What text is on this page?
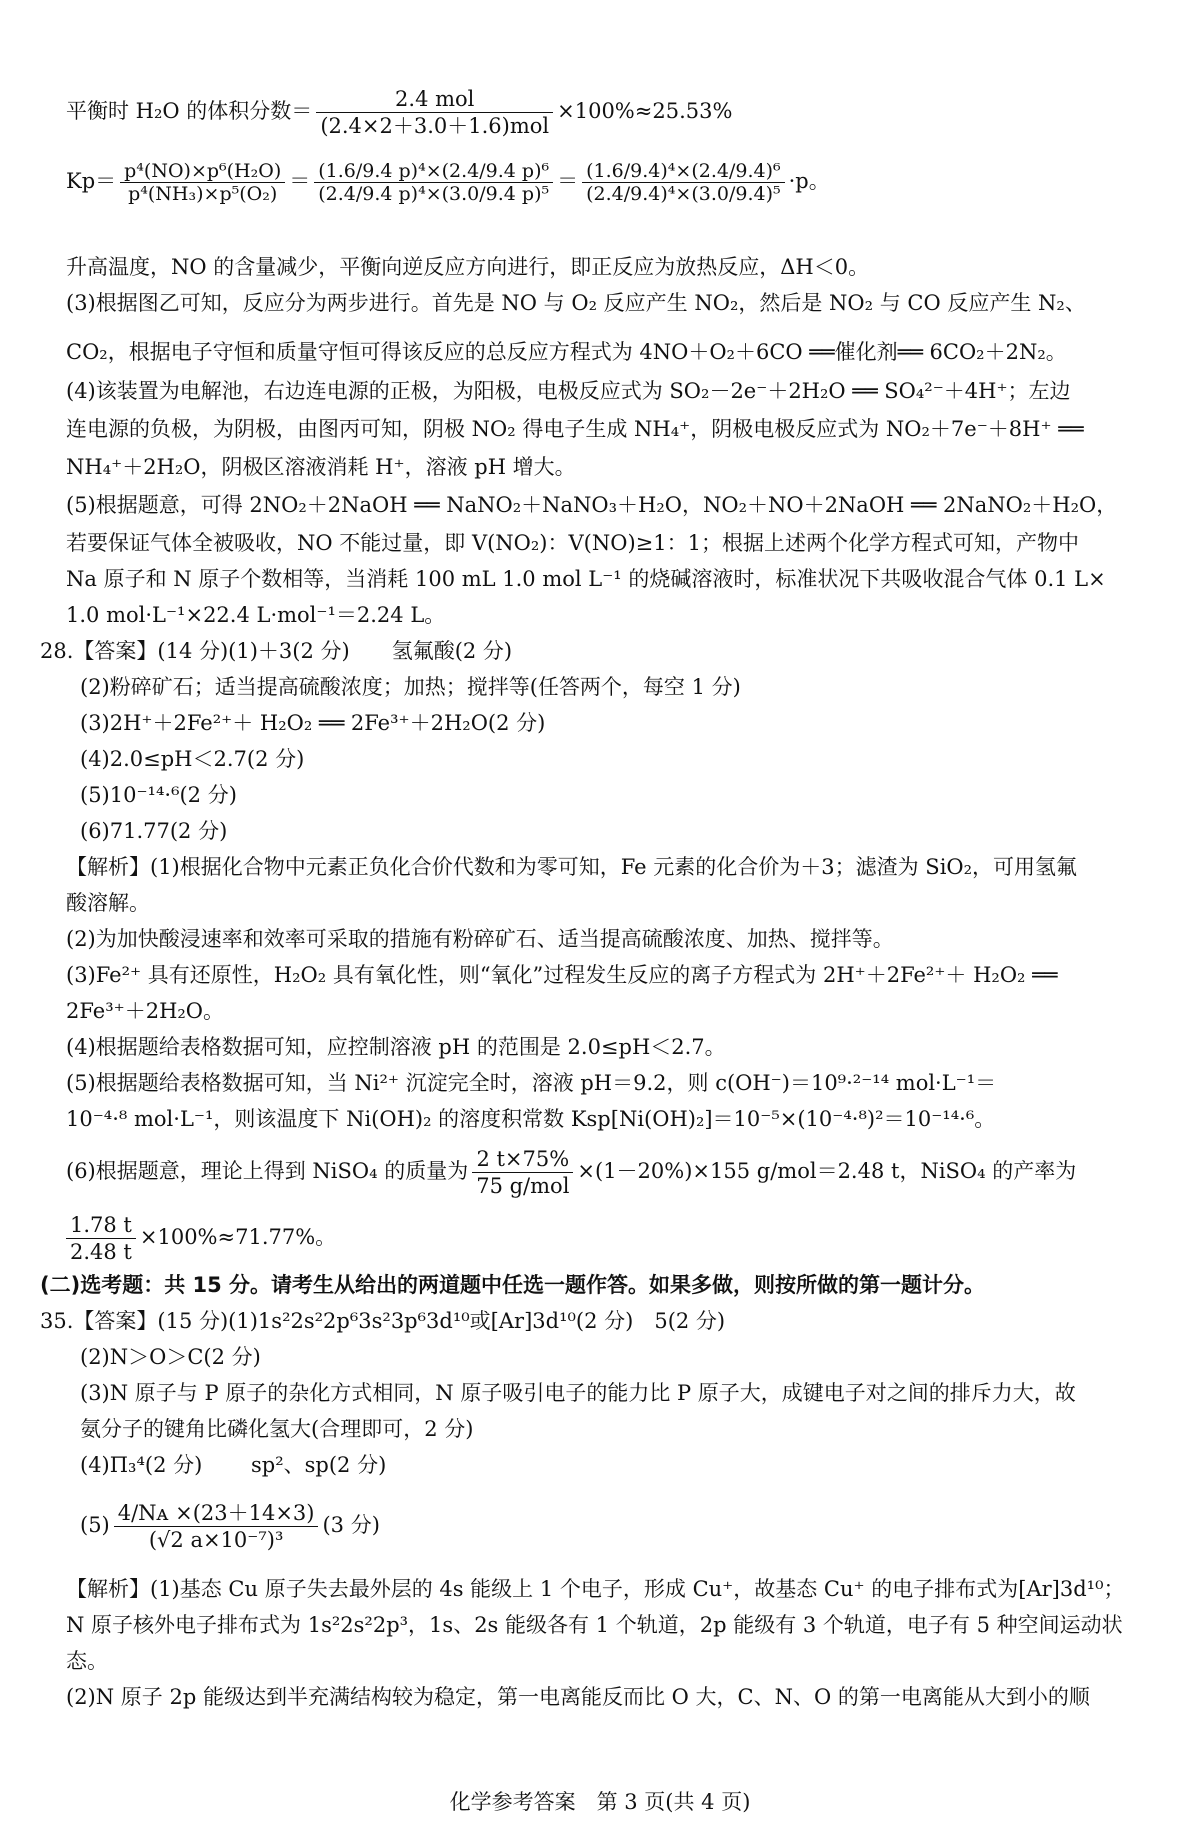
平衡时 H₂O 的体积分数＝ $\frac{\text{2.4 mol}}{\text{(2.4×2＋3.0＋1.6)mol}} \times 100\%\approx 25.53\%$
$Kp= \frac{\text{p⁴(NO)×p⁶(H₂O)}}{\text{p⁴(NH₃)×p⁵(O₂)}} = \frac{\text{(1.6/9.4 p)⁴×(2.4/9.4 p)⁶}}{\text{(2.4/9.4 p)⁴×(3.0/9.4 p)⁵}} = \frac{\text{(1.6/9.4)⁴×(2.4/9.4)⁶}}{\text{(2.4/9.4)⁴×(3.0/9.4)⁵}} \cdot p$。
升高温度，NO 的含量减少，平衡向逆反应方向进行，即正反应为放热反应，ΔH＜0。
(3)根据图乙可知，反应分为两步进行。首先是 NO 与 O₂ 反应产生 NO₂，然后是 NO₂ 与 CO 反应产生 N₂、
CO₂，根据电子守恒和质量守恒可得该反应的总反应方程式为 4NO＋O₂＋6CO ══催化剂══ 6CO₂＋2N₂。
(4)该装置为电解池，右边连电源的正极，为阳极，电极反应式为 SO₂－2e⁻＋2H₂O ══ SO₄²⁻＋4H⁺；左边
连电源的负极，为阴极，由图丙可知，阴极 NO₂ 得电子生成 NH₄⁺，阴极电极反应式为 NO₂＋7e⁻＋8H⁺ ══
NH₄⁺＋2H₂O，阴极区溶液消耗 H⁺，溶液 pH 增大。
(5)根据题意，可得 2NO₂＋2NaOH ══ NaNO₂＋NaNO₃＋H₂O，NO₂＋NO＋2NaOH ══ 2NaNO₂＋H₂O，
若要保证气体全被吸收，NO 不能过量，即 V(NO₂)：V(NO)≥1：1；根据上述两个化学方程式可知，产物中
Na 原子和 N 原子个数相等，当消耗 100 mL 1.0 mol L⁻¹ 的烧碱溶液时，标准状况下共吸收混合气体 0.1 L×
1.0 mol·L⁻¹×22.4 L·mol⁻¹＝2.24 L。
28.【答案】(14 分)(1)＋3(2 分)　　氢氟酸(2 分)
(2)粉碎矿石；适当提高硫酸浓度；加热；搅拌等(任答两个，每空 1 分)
(3)2H⁺＋2Fe²⁺＋ H₂O₂ ══ 2Fe³⁺＋2H₂O(2 分)
(4)2.0≤pH＜2.7(2 分)
(5)10⁻¹⁴·⁶(2 分)
(6)71.77(2 分)
【解析】(1)根据化合物中元素正负化合价代数和为零可知，Fe 元素的化合价为＋3；滤渣为 SiO₂，可用氢氟
酸溶解。
(2)为加快酸浸速率和效率可采取的措施有粉碎矿石、适当提高硫酸浓度、加热、搅拌等。
(3)Fe²⁺ 具有还原性，H₂O₂ 具有氧化性，则“氧化”过程发生反应的离子方程式为 2H⁺＋2Fe²⁺＋ H₂O₂ ══
2Fe³⁺＋2H₂O。
(4)根据题给表格数据可知，应控制溶液 pH 的范围是 2.0≤pH＜2.7。
(5)根据题给表格数据可知，当 Ni²⁺ 沉淀完全时，溶液 pH＝9.2，则 c(OH⁻)＝10⁹·²⁻¹⁴ mol·L⁻¹＝
10⁻⁴·⁸ mol·L⁻¹，则该温度下 Ni(OH)₂ 的溶度积常数 Ksp[Ni(OH)₂]＝10⁻⁵×(10⁻⁴·⁸)²＝10⁻¹⁴·⁶。
(6)根据题意，理论上得到 NiSO₄ 的质量为 $\frac{2 t\times 75\%}{\text{75 g/mol}} \times(1-20\%)\times 155$ g/mol＝2.48 t，NiSO₄ 的产率为
$\frac{1.78 t}{2.48 t} \times 100\%\approx 71.77\%$。
(二)选考题：共 15 分。请考生从给出的两道题中任选一题作答。如果多做，则按所做的第一题计分。
35.【答案】(15 分)(1)1s²2s²2p⁶3s²3p⁶3d¹⁰或[Ar]3d¹⁰(2 分)　5(2 分)
(2)N＞O＞C(2 分)
(3)N 原子与 P 原子的杂化方式相同，N 原子吸引电子的能力比 P 原子大，成键电子对之间的排斥力大，故
氨分子的键角比磷化氢大(合理即可，2 分)
(4)Π₃⁴(2 分)　　 sp²、sp(2 分)
$(5) \frac{\text{4/Nᴀ ×(23＋14×3)}}{\text{(√2 a×10⁻⁷)³}} (3$ 分)
【解析】(1)基态 Cu 原子失去最外层的 4s 能级上 1 个电子，形成 Cu⁺，故基态 Cu⁺ 的电子排布式为[Ar]3d¹⁰；
N 原子核外电子排布式为 1s²2s²2p³，1s、2s 能级各有 1 个轨道，2p 能级有 3 个轨道，电子有 5 种空间运动状
态。
(2)N 原子 2p 能级达到半充满结构较为稳定，第一电离能反而比 O 大，C、N、O 的第一电离能从大到小的顺
化学参考答案　第 3 页(共 4 页)
